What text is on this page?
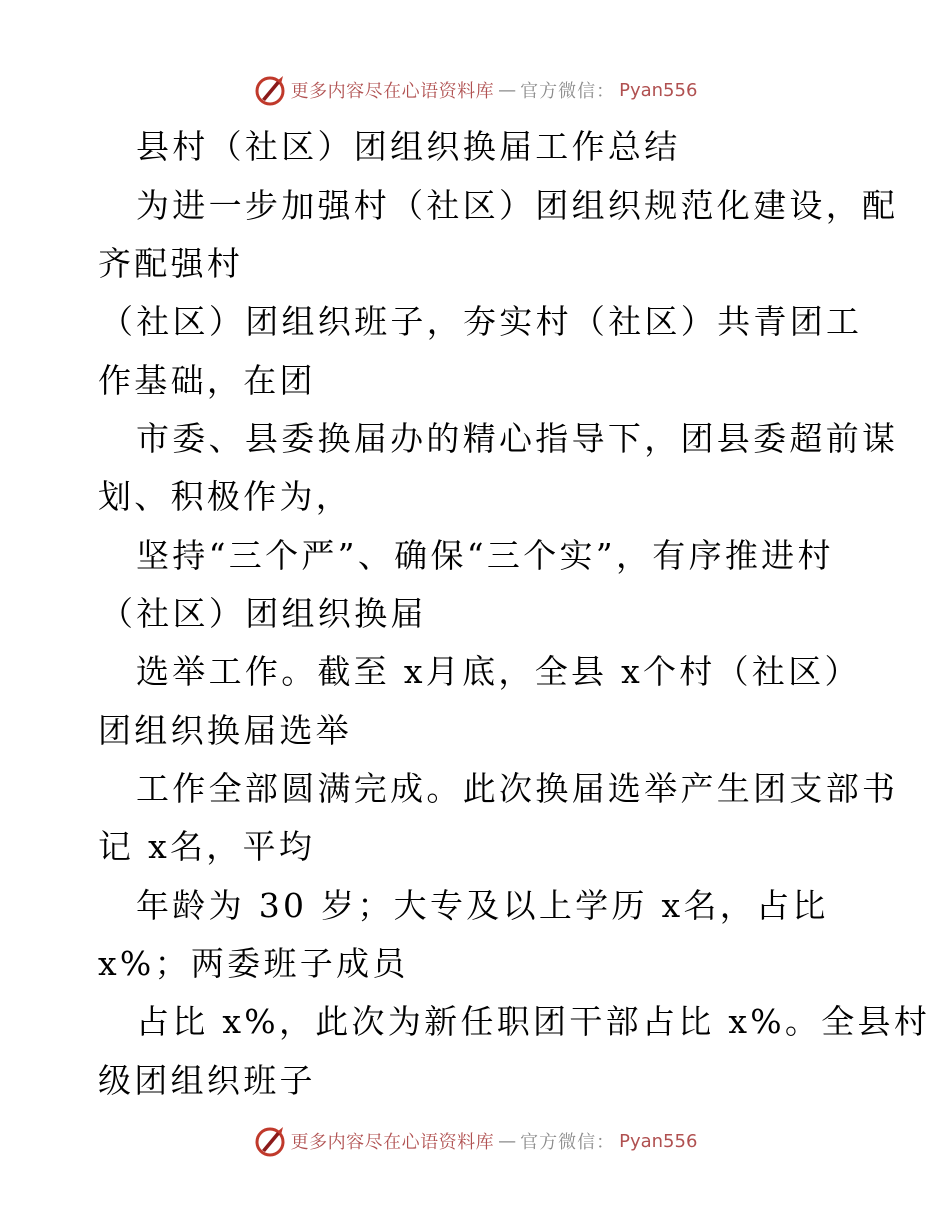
更多内容尽在心语资料库 — 官方微信： Pyan556
县村（社区）团组织换届工作总结
为进一步加强村（社区）团组织规范化建设，配
齐配强村
（社区）团组织班子，夯实村（社区）共青团工
作基础，在团
市委、县委换届办的精心指导下，团县委超前谋
划、积极作为，
坚持“三个严”、确保“三个实”，有序推进村
（社区）团组织换届
选举工作。截至 x月底，全县 x个村（社区）
团组织换届选举
工作全部圆满完成。此次换届选举产生团支部书
记 x名，平均
年龄为 30 岁；大专及以上学历 x名，占比
x%；两委班子成员
占比 x%，此次为新任职团干部占比 x%。全县村
级团组织班子
更多内容尽在心语资料库 — 官方微信： Pyan556
